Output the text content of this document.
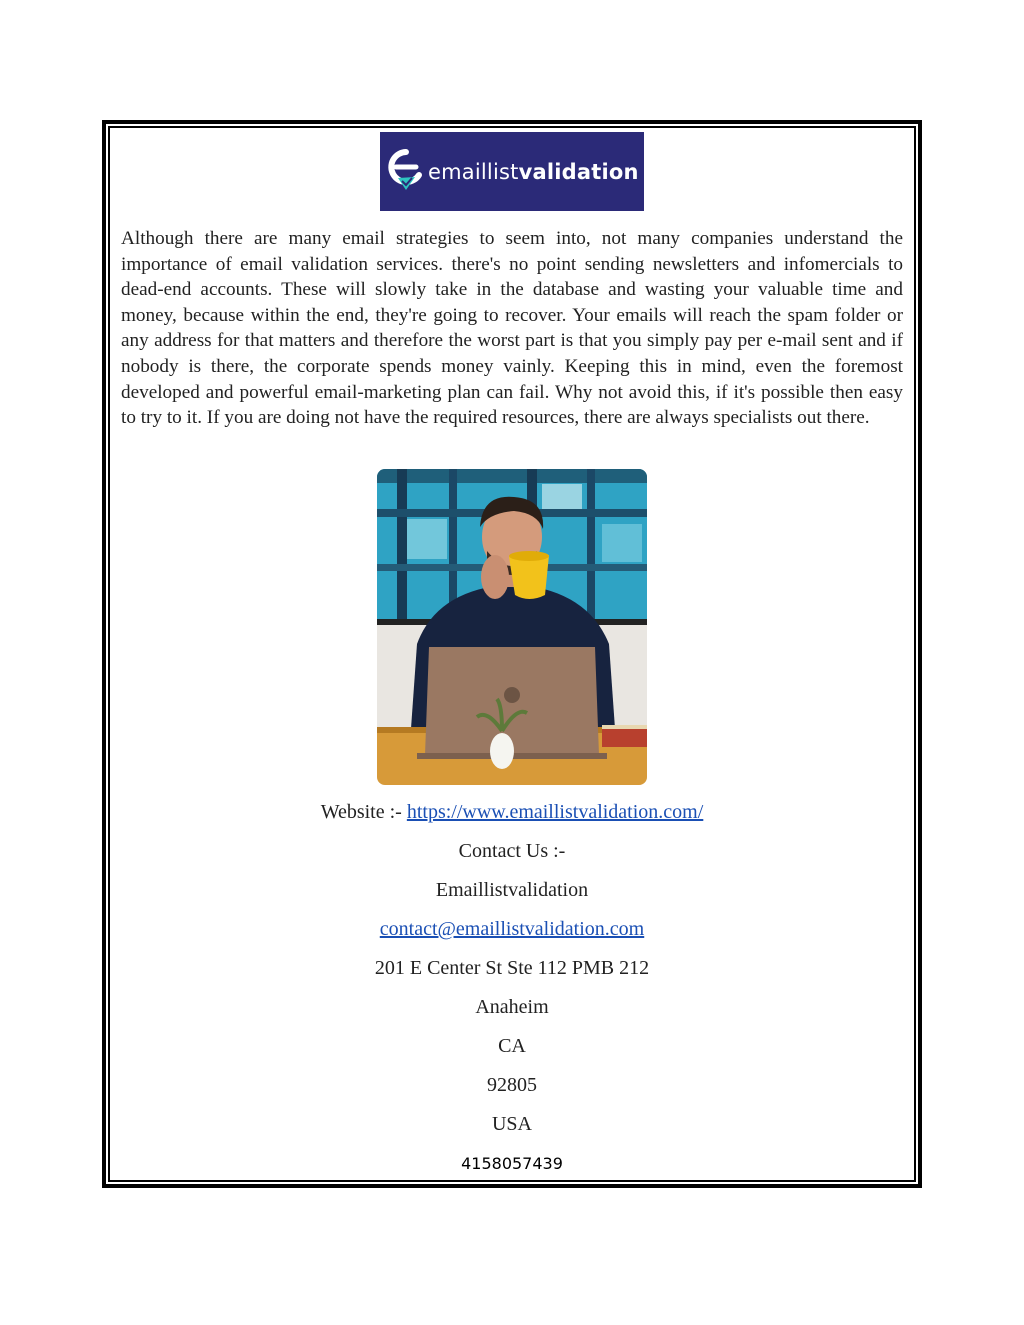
emaillistvalidation

Although there are many email strategies to seem into, not many companies understand the importance of email validation services. there's no point sending newsletters and infomercials to dead-end accounts. These will slowly take in the database and wasting your valuable time and money, because within the end, they're going to recover. Your emails will reach the spam folder or any address for that matters and therefore the worst part is that you simply pay per e-mail sent and if nobody is there, the corporate spends money vainly. Keeping this in mind, even the foremost developed and powerful email-marketing plan can fail. Why not avoid this, if it's possible then easy to try to it. If you are doing not have the required resources, there are always specialists out there.

Website :- https://www.emaillistvalidation.com/
Contact Us :-
Emaillistvalidation
contact@emaillistvalidation.com
201 E Center St Ste 112 PMB 212
Anaheim
CA
92805
USA
4158057439
